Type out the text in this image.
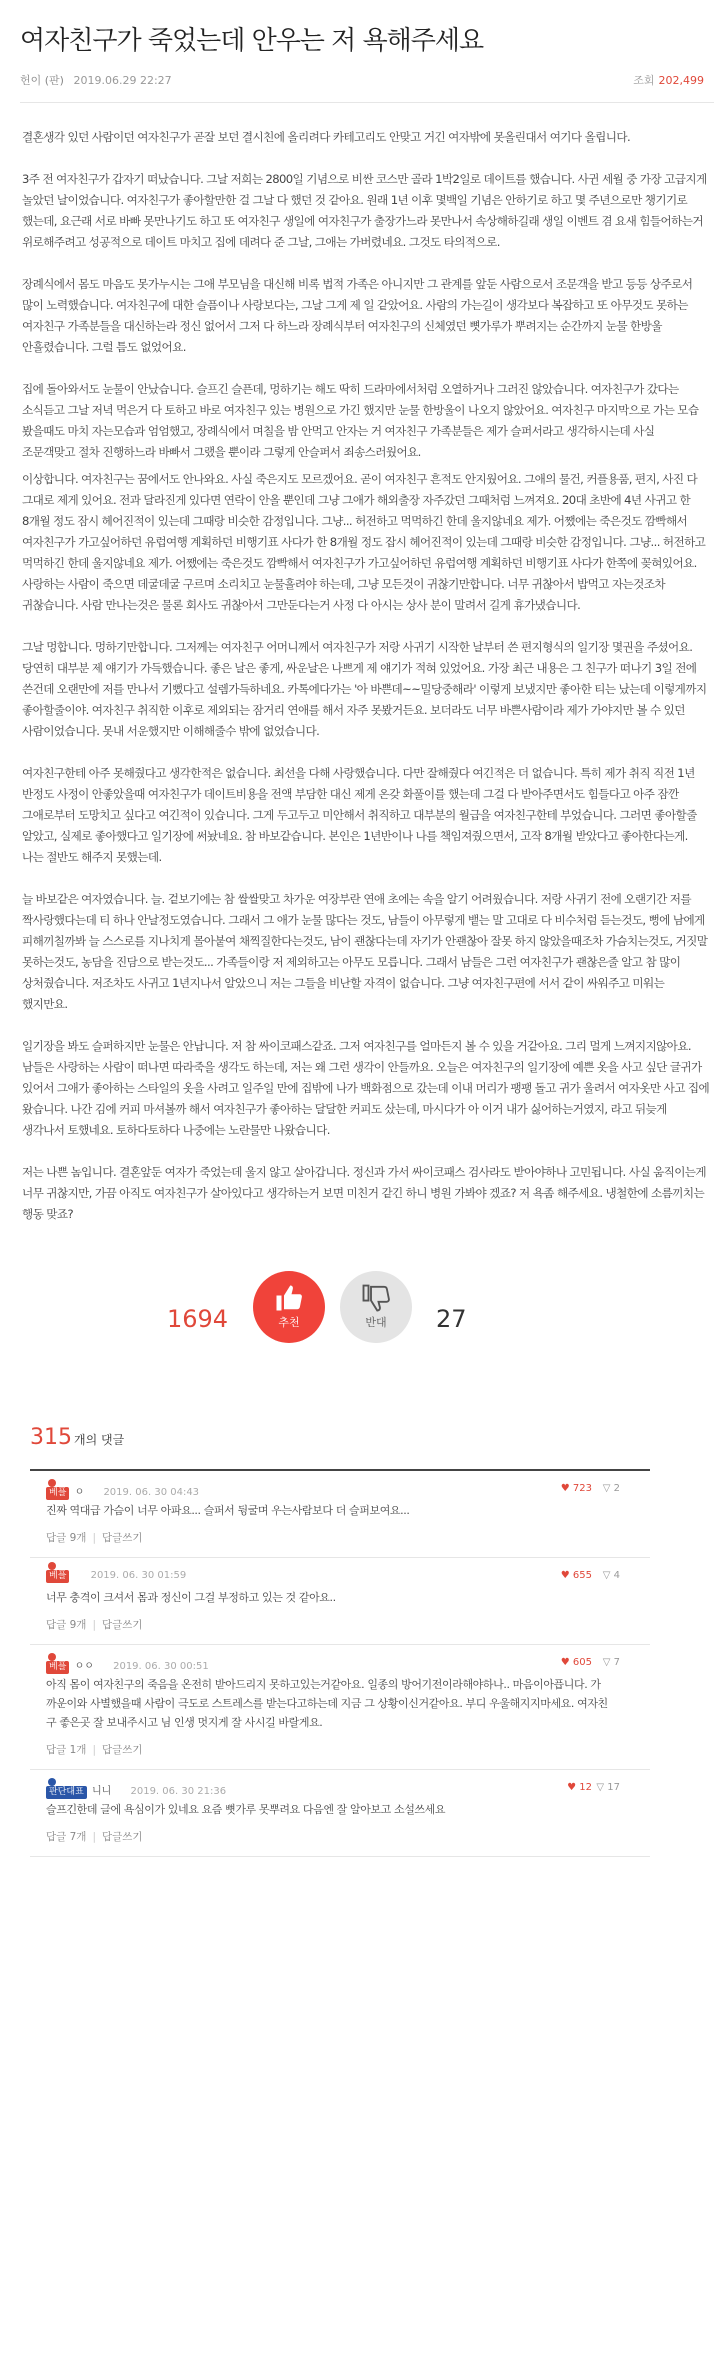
여자친구가 죽었는데 안우는 저 욕해주세요
헌이 (판) 2019.06.29 22:27	조회 202,499

결혼생각 있던 사람이던 여자친구가 곧잘 보던 결시친에 올리려다 카테고리도 안맞고 거긴 여자밖에 못올린대서 여기다 올립니다.

3주 전 여자친구가 갑자기 떠났습니다. 그날 저희는 2800일 기념으로 비싼 코스만 골라 1박2일로 데이트를 했습니다. 사귄 세월 중 가장 고급지게 놀았던 날이었습니다. 여자친구가 좋아할만한 걸 그날 다 했던 것 같아요. 원래 1년 이후 몇백일 기념은 안하기로 하고 몇 주년으로만 챙기기로 했는데, 요근래 서로 바빠 못만나기도 하고 또 여자친구 생일에 여자친구가 출장가느라 못만나서 속상해하길래 생일 이벤트 겸 요새 힘들어하는거 위로해주려고 성공적으로 데이트 마치고 집에 데려다 준 그날, 그애는 가버렸네요. 그것도 타의적으로.

장례식에서 몸도 마음도 못가누시는 그애 부모님을 대신해 비록 법적 가족은 아니지만 그 관계를 앞둔 사람으로서 조문객을 받고 등등 상주로서 많이 노력했습니다. 여자친구에 대한 슬픔이나 사랑보다는, 그날 그게 제 일 같았어요. 사람의 가는길이 생각보다 복잡하고 또 아무것도 못하는 여자친구 가족분들을 대신하는라 정신 없어서 그저 다 하느라 장례식부터 여자친구의 신체였던 뼛가루가 뿌려지는 순간까지 눈물 한방울 안흘렸습니다. 그럴 틈도 없었어요.

집에 돌아와서도 눈물이 안났습니다. 슬프긴 슬픈데, 멍하기는 해도 딱히 드라마에서처럼 오열하거나 그러진 않았습니다. 여자친구가 갔다는 소식듣고 그날 저녁 먹은거 다 토하고 바로 여자친구 있는 병원으로 가긴 했지만 눈물 한방울이 나오지 않았어요. 여자친구 마지막으로 가는 모습 봤을때도 마치 자는모습과 엄엄했고, 장례식에서 며칠을 밤 안먹고 안자는 거 여자친구 가족분들은 제가 슬퍼서라고 생각하시는데 사실 조문객맞고 절차 진행하느라 바빠서 그랬을 뿐이라 그렇게 안슬퍼서 죄송스러웠어요.

이상합니다. 여자친구는 꿈에서도 안나와요. 사실 죽은지도 모르겠어요. 곧이 여자친구 흔적도 안지웠어요. 그애의 물건, 커플용품, 편지, 사진 다 그대로 제게 있어요. 전과 달라진게 있다면 연락이 안올 뿐인데 그냥 그애가 해외출장 자주갔던 그때처럼 느껴져요. 20대 초반에 4년 사귀고 한 8개월 정도 잠시 헤어진적이 있는데 그때랑 비슷한 감정입니다. 그냥... 허전하고 먹먹하긴 한데 울지않네요 제가. 어쨌에는 죽은것도 깜빡해서 여자친구가 가고싶어하던 유럽여행 계획하던 비행기표 사다가 한 8개월 정도 잡시 헤어진적이 있는데 그때랑 비슷한 감정입니다. 그냥... 허전하고 먹먹하긴 한데 울지않네요 제가. 어쨌에는 죽은것도 깜빡해서 여자친구가 가고싶어하던 유럽여행 계획하던 비행기표 사다가 한쪽에 꽂혀있어요. 사랑하는 사람이 죽으면 데굴데굴 구르며 소리치고 눈물흘려야 하는데, 그냥 모든것이 귀찮기만합니다. 너무 귀찮아서 밥먹고 자는것조차 귀찮습니다. 사람 만나는것은 물론 회사도 귀찮아서 그만둔다는거 사정 다 아시는 상사 분이 말려서 길게 휴가냈습니다.

그날 멍합니다. 멍하기만합니다. 그저께는 여자친구 어머니께서 여자친구가 저랑 사귀기 시작한 날부터 쓴 편지형식의 일기장 몇권을 주셨어요. 당연히 대부분 제 얘기가 가득했습니다. 좋은 날은 좋게, 싸운날은 나쁘게 제 얘기가 적혀 있었어요. 가장 최근 내용은 그 친구가 떠나기 3일 전에 쓴건데 오랜만에 저를 만나서 기뻤다고 설렘가득하네요. 카톡에다가는 '아 바쁜데~~밀당중해라' 이렇게 보냈지만 좋아한 티는 났는데 이렇게까지 좋아할줄이야. 여자친구 취직한 이후로 제외되는 잠거리 연애를 해서 자주 못봤거든요. 보더라도 너무 바쁜사람이라 제가 가야지만 볼 수 있던 사람이었습니다. 못내 서운했지만 이해해줄수 밖에 없었습니다.

여자친구한테 아주 못해줬다고 생각한적은 없습니다. 최선을 다해 사랑했습니다. 다만 잘해줬다 여긴적은 더 없습니다. 특히 제가 취직 직전 1년 반정도 사정이 안좋았을때 여자친구가 데이트비용을 전액 부담한 대신 제게 온갖 화풀이를 했는데 그걸 다 받아주면서도 힘들다고 아주 잠깐 그애로부터 도망치고 싶다고 여긴적이 있습니다. 그게 두고두고 미안해서 취직하고 대부분의 월급을 여자친구한테 부었습니다. 그러면 좋아할줄 알았고, 실제로 좋아했다고 일기장에 써놨네요. 참 바보같습니다. 본인은 1년반이나 나를 책임져줬으면서, 고작 8개월 받았다고 좋아한다는게. 나는 절반도 해주지 못했는데.

늘 바보같은 여자였습니다. 늘. 겉보기에는 참 쌀쌀맞고 차가운 여장부란 연애 초에는 속을 알기 어려웠습니다. 저랑 사귀기 전에 오랜기간 저를 짝사랑했다는데 티 하나 안날정도였습니다. 그래서 그 애가 눈물 많다는 것도, 남들이 아무렇게 뱉는 말 고대로 다 비수처럼 듣는것도, 뻥에 남에게 피해끼칠까봐 늘 스스로를 지나치게 몰아붙여 채찍질한다는것도, 남이 괜찮다는데 자기가 안괜찮아 잘못 하지 않았을때조차 가슴치는것도, 거짓말 못하는것도, 농담을 진담으로 받는것도... 가족들이랑 저 제외하고는 아무도 모릅니다. 그래서 남들은 그런 여자친구가 괜찮은줄 알고 참 많이 상처줬습니다. 저조차도 사귀고 1년지나서 알았으니 저는 그들을 비난할 자격이 없습니다. 그냥 여자친구편에 서서 같이 싸워주고 미워는 했지만요.

일기장을 봐도 슬퍼하지만 눈물은 안납니다. 저 참 싸이코패스같죠. 그저 여자친구를 얼마든지 볼 수 있을 거같아요. 그리 멀게 느껴지지않아요. 남들은 사랑하는 사람이 떠나면 따라죽을 생각도 하는데, 저는 왜 그런 생각이 안들까요. 오늘은 여자친구의 일기장에 예쁜 옷을 사고 싶단 글귀가 있어서 그애가 좋아하는 스타일의 옷을 사려고 일주일 만에 집밖에 나가 백화점으로 갔는데 이내 머리가 팽팽 돌고 귀가 울려서 여자옷만 사고 집에 왔습니다. 나간 김에 커피 마셔볼까 해서 여자친구가 좋아하는 달달한 커피도 샀는데, 마시다가 아 이거 내가 싫어하는거였지, 라고 뒤늦게 생각나서 토했네요. 토하다토하다 나중에는 노란물만 나왔습니다.

저는 나쁜 놈입니다. 결혼앞둔 여자가 죽었는데 울지 않고 살아갑니다. 정신과 가서 싸이코패스 검사라도 받아야하나 고민됩니다. 사실 움직이는게 너무 귀찮지만, 가끔 아직도 여자친구가 살아있다고 생각하는거 보면 미친거 같긴 하니 병원 가봐야 겠죠? 저 욕좀 해주세요. 냉철한에 소름끼치는 행동 맞죠?

1694	추천	반대	27
315 개의 댓글
베플 ㅇ 2019. 06. 30 04:43	♥ 723 ▽ 2
진짜 역대급 가슴이 너무 아파요... 슬퍼서 뒹굴며 우는사람보다 더 슬퍼보여요...
답글 9개 | 답글쓰기
베플 2019. 06. 30 01:59	♥ 655 ▽ 4
너무 충격이 크셔서 몸과 정신이 그걸 부정하고 있는 것 같아요..
답글 9개 | 답글쓰기
베플 ㅇㅇ 2019. 06. 30 00:51	♥ 605 ▽ 7
아직 몸이 여자친구의 죽음을 온전히 받아드리지 못하고있는거같아요. 일종의 방어기전이라해야하나.. 마음이아픕니다. 가까운이와 사별했을때 사람이 극도로 스트레스를 받는다고하는데 지금 그 상황이신거같아요. 부디 우울해지지마세요. 여자친구 좋은곳 잘 보내주시고 님 인생 멋지게 잘 사시길 바랄게요.
답글 1개 | 답글쓰기
판단대표 니니 2019. 06. 30 21:36	♥ 12 ▽ 17
슬프긴한데 글에 욕심이가 있네요 요즘 뼛가루 못뿌려요 다음엔 잘 알아보고 소설쓰세요
답글 7개 | 답글쓰기
